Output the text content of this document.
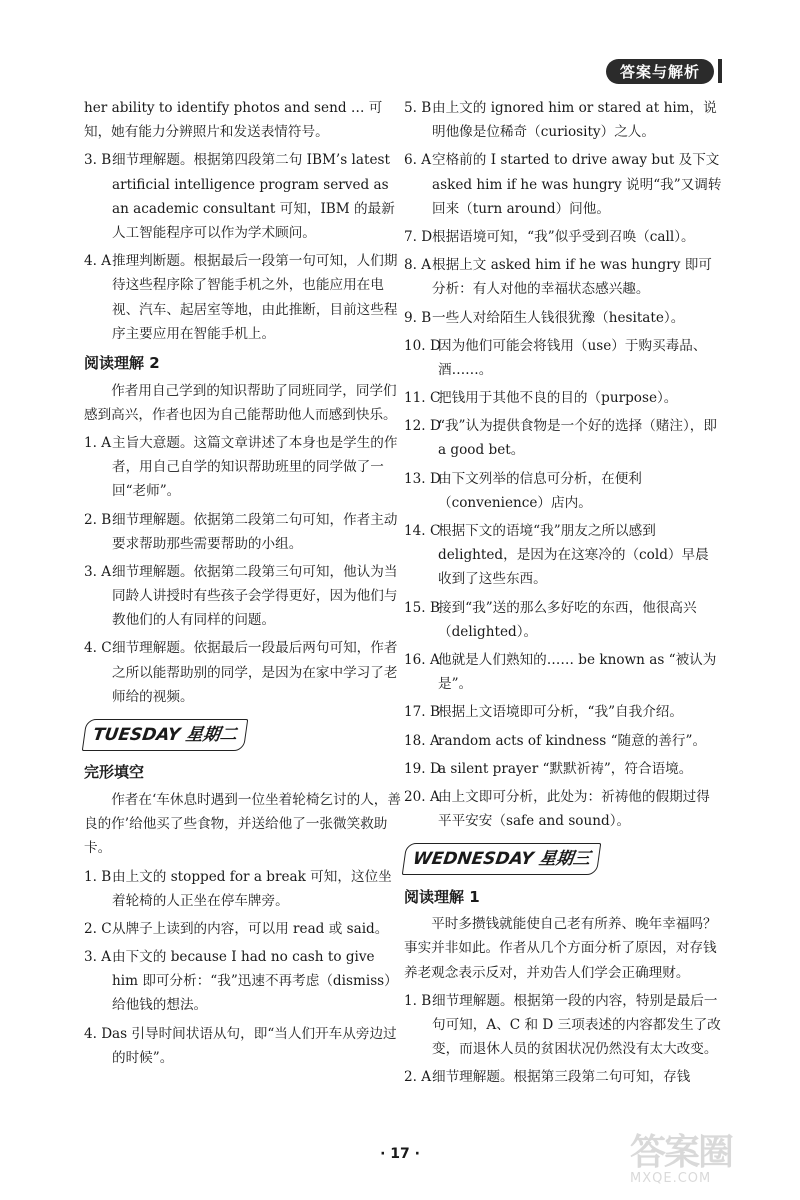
答案与解析

her ability to identify photos and send … 可知，她有能力分辨照片和发送表情符号。

3. B 细节理解题。根据第四段第二句 IBM’s latest artificial intelligence program served as an academic consultant 可知，IBM 的最新人工智能程序可以作为学术顾问。
4. A 推理判断题。根据最后一段第一句可知，人们期待这些程序除了智能手机之外，也能应用在电视、汽车、起居室等地，由此推断，目前这些程序主要应用在智能手机上。
阅读理解 2

作者用自己学到的知识帮助了同班同学，同学们感到高兴，作者也因为自己能帮助他人而感到快乐。

1. A 主旨大意题。这篇文章讲述了本身也是学生的作者，用自己自学的知识帮助班里的同学做了一回“老师”。
2. B 细节理解题。依据第二段第二句可知，作者主动要求帮助那些需要帮助的小组。
3. A 细节理解题。依据第二段第三句可知，他认为当同龄人讲授时有些孩子会学得更好，因为他们与教他们的人有同样的问题。
4. C 细节理解题。依据最后一段最后两句可知，作者之所以能帮助别的同学，是因为在家中学习了老师给的视频。
TUESDAY 星期二
完形填空

作者在‘车休息时遇到一位坐着轮椅乞讨的人，善良的作’给他买了些食物，并送给他了一张微笑救助卡。

1. B 由上文的 stopped for a break 可知，这位坐着轮椅的人正坐在停车牌旁。
2. C 从牌子上读到的内容，可以用 read 或 said。
3. A 由下文的 because I had no cash to give him 即可分析：“我”迅速不再考虑（dismiss）给他钱的想法。
4. D as 引导时间状语从句，即“当人们开车从旁边过的时候”。
5. B 由上文的 ignored him or stared at him，说明他像是位稀奇（curiosity）之人。
6. A 空格前的 I started to drive away but 及下文 asked him if he was hungry 说明“我”又调转回来（turn around）问他。
7. D 根据语境可知，“我”似乎受到召唤（call）。
8. A 根据上文 asked him if he was hungry 即可分析：有人对他的幸福状态感兴趣。
9. B 一些人对给陌生人钱很犹豫（hesitate）。
10. D
因为他们可能会将钱用（use）于购买毒品、酒……。
11. C
把钱用于其他不良的目的（purpose）。
12. D
“我”认为提供食物是一个好的选择（赌注），即 a good bet。
13. D
由下文列举的信息可分析，在便利（convenience）店内。
14. C
根据下文的语境“我”朋友之所以感到 delighted，是因为在这寒冷的（cold）早晨收到了这些东西。
15. B
接到“我”送的那么多好吃的东西，他很高兴（delighted）。
16. A
他就是人们熟知的…… be known as “被认为是”。
17. B
根据上文语境即可分析，“我”自我介绍。
18. A
random acts of kindness “随意的善行”。
19. D
a silent prayer “默默祈祷”，符合语境。
20. A
由上文即可分析，此处为：祈祷他的假期过得平平安安（safe and sound）。
WEDNESDAY 星期三
阅读理解 1

平时多攒钱就能使自己老有所养、晚年幸福吗？事实并非如此。作者从几个方面分析了原因，对存钱养老观念表示反对，并劝告人们学会正确理财。

1. B 细节理解题。根据第一段的内容，特别是最后一句可知，A、C 和 D 三项表述的内容都发生了改变，而退休人员的贫困状况仍然没有太大改变。
2. A 细节理解题。根据第三段第二句可知，存钱
· 17 ·	答案圈
MXQE.COM
